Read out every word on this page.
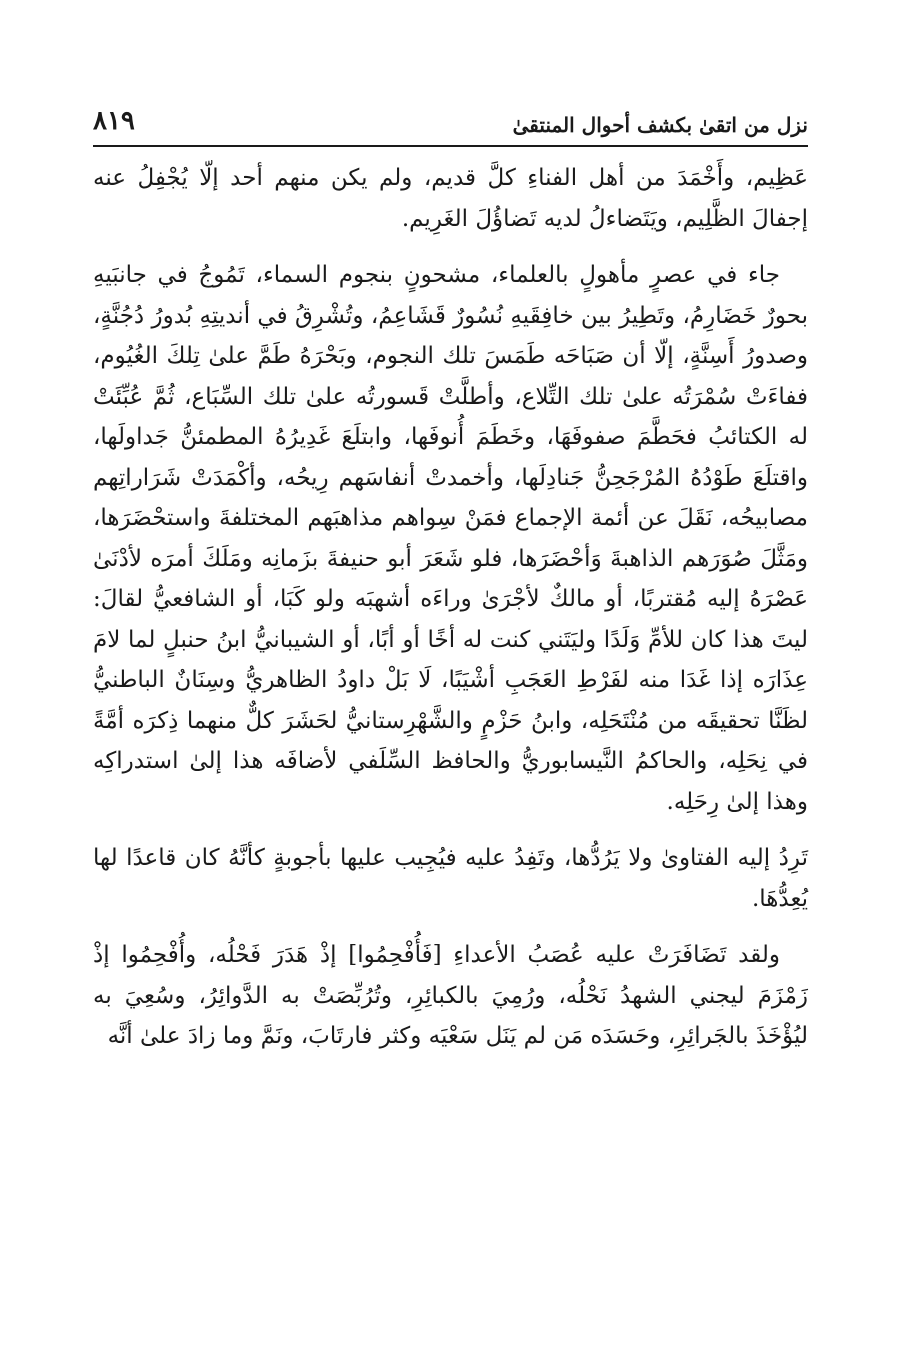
نزل من اتقىٰ بكشف أحوال المنتقىٰ
٨١٩

عَظِيم، وأَخْمَدَ من أهل الفناءِ كلَّ قديم، ولم يكن منهم أحد إلّا يُجْفِلُ عنه إجفالَ الظَّلِيم، ويَتَضاءلُ لديه تَضاؤُلَ الغَرِيم.

جاء في عصرٍ مأهولٍ بالعلماء، مشحونٍ بنجوم السماء، تَمُوجُ في جانبَيهِ بحورٌ خَضَارِمُ، وتَطِيرُ بين خافِقَيهِ نُسُورٌ قَشَاعِمُ، وتُشْرِقُ في أنديتِهِ بُدورُ دُجُنَّةٍ، وصدورُ أَسِنَّةٍ، إلّا أن صَبَاحَه طَمَسَ تلك النجوم، وبَحْرَهُ طَمَّ علىٰ تِلكَ الغُيُوم، ففاءَتْ سُمْرَتُه علىٰ تلك التِّلاع، وأطلَّتْ قَسورتُه علىٰ تلك السِّبَاع، ثُمَّ عُبِّئَتْ له الكتائبُ فحَطَّمَ صفوفَهَا، وخَطَمَ أُنوفَها، وابتلَعَ غَدِيرُهُ المطمئنُّ جَداولَها، واقتلَعَ طَوْدُهُ المُرْجَحِنُّ جَنادِلَها، وأخمدتْ أنفاسَهم رِيحُه، وأكْمَدَتْ شَرَاراتِهم مصابيحُه، نَقَلَ عن أئمة الإجماع فمَنْ سِواهم مذاهبَهم المختلفةَ واستحْضَرَها، ومَثَّلَ صُوَرَهم الذاهبةَ وَأحْضَرَها، فلو شَعَرَ أبو حنيفةَ بزَمانِه ومَلَكَ أمرَه لأدْنَىٰ عَصْرَهُ إليه مُقتربًا، أو مالكٌ لأجْرَىٰ وراءَه أشهبَه ولو كَبَا، أو الشافعيُّ لقالَ: ليتَ هذا كان للأمِّ وَلَدًا وليَتَني كنت له أخًا أو أبًا، أو الشيبانيُّ ابنُ حنبلٍ لما لامَ عِذَارَه إذا غَدَا منه لفَرْطِ العَجَبِ أشْيَبًا، لَا بَلْ داودُ الظاهريُّ وسِنَانٌ الباطنيُّ لظَنَّا تحقيقَه من مُنْتَحَلِه، وابنُ حَزْمٍ والشَّهْرِستانيُّ لحَشَرَ كلٌّ منهما ذِكرَه أمَّةً في نِحَلِه، والحاكمُ النَّيسابوريُّ والحافظ السِّلَفي لأضافَه هذا إلىٰ استدراكِه وهذا إلىٰ رِحَلِه.

تَرِدُ إليه الفتاوىٰ ولا يَرُدُّها، وتَفِدُ عليه فيُجِيب عليها بأجوبةٍ كأنَّهُ كان قاعدًا لها يُعِدُّهَا.

ولقد تَضَافَرَتْ عليه عُصَبُ الأعداءِ [فَأُفْحِمُوا] إذْ هَدَرَ فَحْلُه، وأُفْحِمُوا إذْ زَمْزَمَ ليجني الشهدُ نَحْلُه، ورُمِيَ بالكبائِرِ، وتُرُبِّصَتْ به الدَّوائِرُ، وسُعِيَ به ليُؤْخَذَ بالجَرائِرِ، وحَسَدَه مَن لم يَنَل سَعْيَه وكثر فارتَابَ، ونَمَّ وما زادَ علىٰ أنَّه
